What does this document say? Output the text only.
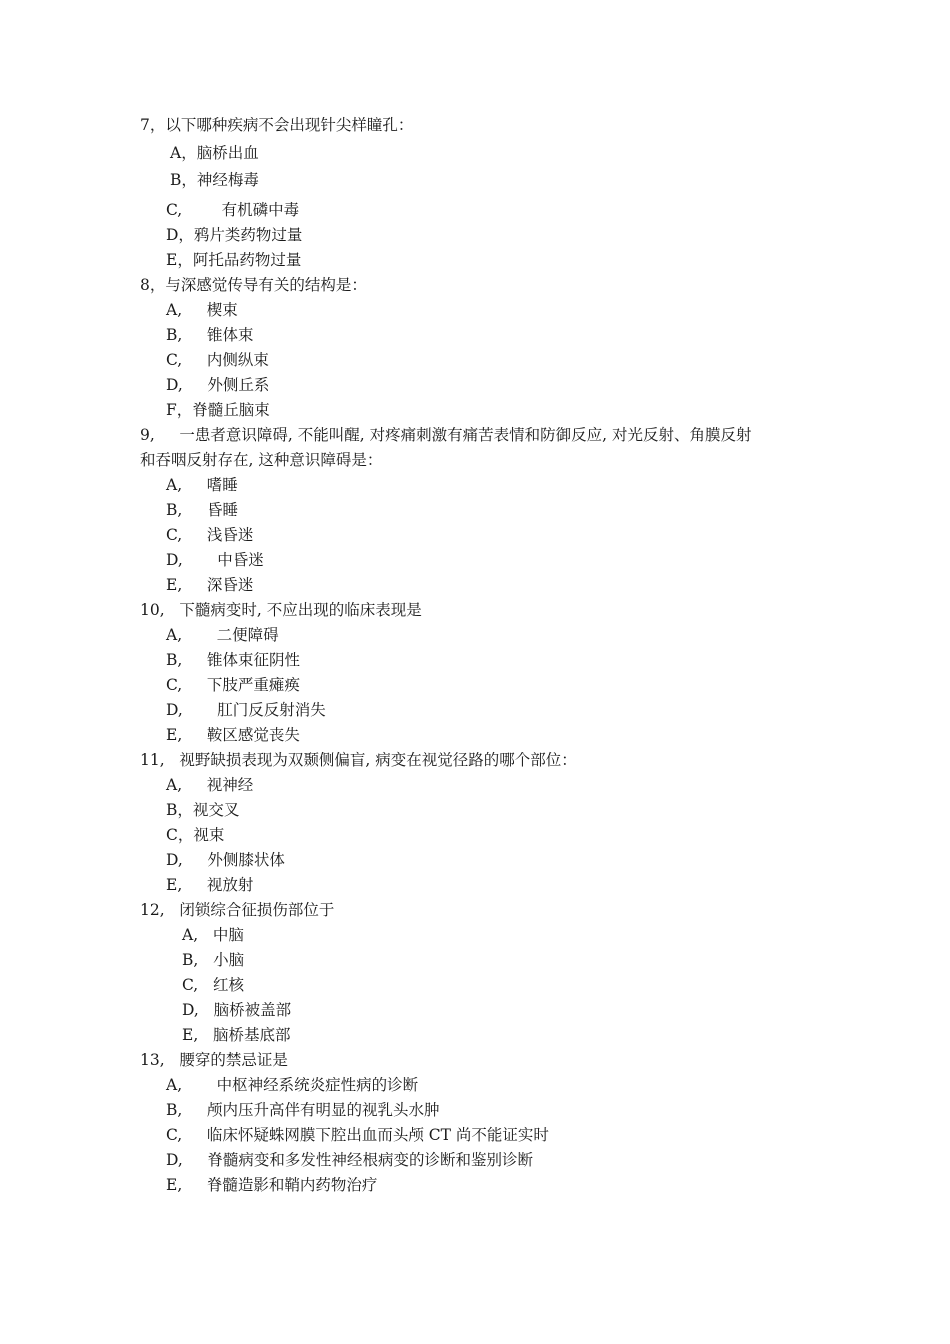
7，以下哪种疾病不会出现针尖样瞳孔：
A，脑桥出血
B，神经梅毒
C,        有机磷中毒
D，鸦片类药物过量
E，阿托品药物过量
8，与深感觉传导有关的结构是：
A,     楔束
B,     锥体束
C,     内侧纵束
D,     外侧丘系
F，脊髓丘脑束
9,     一患者意识障碍, 不能叫醒, 对疼痛刺激有痛苦表情和防御反应, 对光反射、角膜反射
和吞咽反射存在, 这种意识障碍是：
A,     嗜睡
B,     昏睡
C,     浅昏迷
D,       中昏迷
E,     深昏迷
10,   下髓病变时, 不应出现的临床表现是
A,       二便障碍
B,     锥体束征阴性
C,     下肢严重瘫痪
D,       肛门反反射消失
E,     鞍区感觉丧失
11,   视野缺损表现为双颞侧偏盲, 病变在视觉径路的哪个部位：
A,     视神经
B，视交叉
C，视束
D,     外侧膝状体
E,     视放射
12,   闭锁综合征损伤部位于
A,   中脑
B,   小脑
C,   红核
D,   脑桥被盖部
E,   脑桥基底部
13,   腰穿的禁忌证是
A,       中枢神经系统炎症性病的诊断
B,     颅内压升高伴有明显的视乳头水肿
C,     临床怀疑蛛网膜下腔出血而头颅 CT 尚不能证实时
D,     脊髓病变和多发性神经根病变的诊断和鉴别诊断
E,     脊髓造影和鞘内药物治疗
